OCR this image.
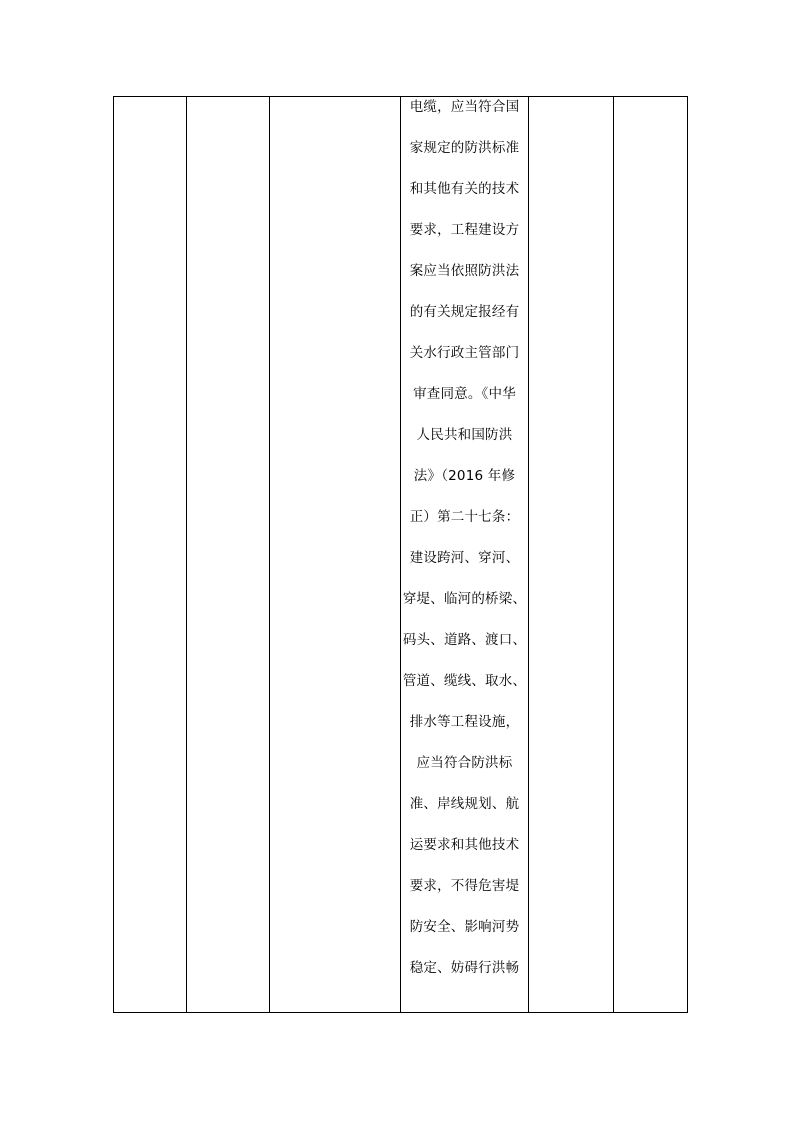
电缆，应当符合国
家规定的防洪标准
和其他有关的技术
要求，工程建设方
案应当依照防洪法
的有关规定报经有
关水行政主管部门
审查同意。《中华
人民共和国防洪
法》（2016 年修
正）第二十七条：
建设跨河、穿河、
穿堤、临河的桥梁、
码头、道路、渡口、
管道、缆线、取水、
排水等工程设施，
应当符合防洪标
准、岸线规划、航
运要求和其他技术
要求，不得危害堤
防安全、影响河势
稳定、妨碍行洪畅
